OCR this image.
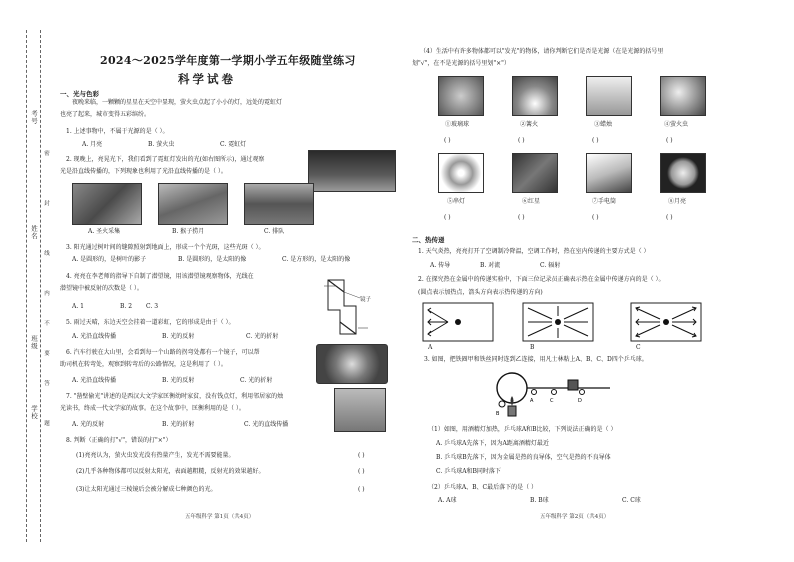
考号
姓名
班级
学校
密
封
线
内
不
要
答
题
2024～2025学年度第一学期小学五年级随堂练习
科学试卷
一、光与色彩
夜晚来临，一颗颗的星星在天空中显现，萤火虫点起了小小的灯，远处的霓虹灯
也亮了起来，城市变得五彩缤纷。
1. 上述事物中，不属于光源的是（ ）。
A. 月亮	B. 萤火虫	C. 霓虹灯
2. 现晚上，亮晃光下，我们看到了霓虹灯发出的光(如右图所示)，通过观察
光是沿直线传播的，下列现象也利用了光沿直线传播的是（ ）。
A. 圣火采集	B. 猴子捞月	C. 排队
3. 阳光通过树叶间的缝隙照射到地面上，形成一个个光斑，这些光斑（ ）。
A. 是圆形的，是树叶的影子	B. 是圆形的，是太阳的像	C. 是方形的，是太阳的像
4. 亮亮在李老师的指导下自制了潜望镜，用该潜望镜观察物体，光线在
潜望镜中被反射的次数是（ ）。
A. 1	B. 2 C. 3
镜子
5. 雨过天晴，东边天空会挂着一道彩虹，它的形成是由于（ ）。
A. 光沿直线传播	B. 光的反射	C. 光的折射
6. 汽车行驶在大山里，会看到每一个山路的拐弯处都有一个镜子，可以帮
助司机在转弯处，观察到转弯后的公路情况，这是利用了（ ）。
A. 光沿直线传播	B. 光的反射	C. 光的折射
7. "凿壁偷光"讲述的是西汉大文学家匡衡幼时家贫，没有钱点灯，利用邻居家的烛
光读书，终成一代文学家的故事。在这个故事中，匡衡利用的是（ ）。
A. 光的反射	B. 光的折射	C. 光的直线传播
8. 判断（正确的打"√"，错误的打"×"）
(1)亮亮认为，萤火虫发光没有热量产生，发光不需要能量。
(2)几乎各种物体都可以反射太阳光，表面越粗糙，反射光的效果越好。
(3)让太阳光通过三棱镜后会被分解成七种颜色的光。
( )
( )
( )
五年级科学 第1页（共4页）
（4）生活中有许多物体都可以"发光"的物体，请你判断它们是否是光源（在是光源的括号里
划"√"，在不是光源的括号里划"×"）
①玻璃球	②篝火	③蜡烛	④萤火虫
( )	( )	( )	( )
⑤串灯	⑥红星	⑦手电筒	⑧月亮
( )	( )	( )	( )
二、热传递
1. 天气炎热，亮亮打开了空调制冷降温，空调工作时，热在室内传递的主要方式是（ ）
A. 传导	B. 对流	C. 辐射
2. 在探究热在金属中的传递实验中，下面三位记录员正确表示热在金属中传递方向的是（ ）。
(圆点表示加热点，箭头方向表示热传递的方向)
A	B	C
3. 如图，把铁圈甲和铁丝同时连到乙连接，用凡士林粘上A、B、C、D四个乒乓球。
B
A	C	D
（1）如图，用酒精灯加热，乒乓球A和B比较，下列说法正确的是（ ）
A. 乒乓球A先落下，因为A距离酒精灯最近
B. 乒乓球B先落下，因为金属是热的良导体，空气是热的不良导体
C. 乒乓球A和B同时落下
（2）乒乓球A、B、C最后落下的是（ ）
A. A球	B. B球	C. C球
五年级科学 第2页（共4页）
